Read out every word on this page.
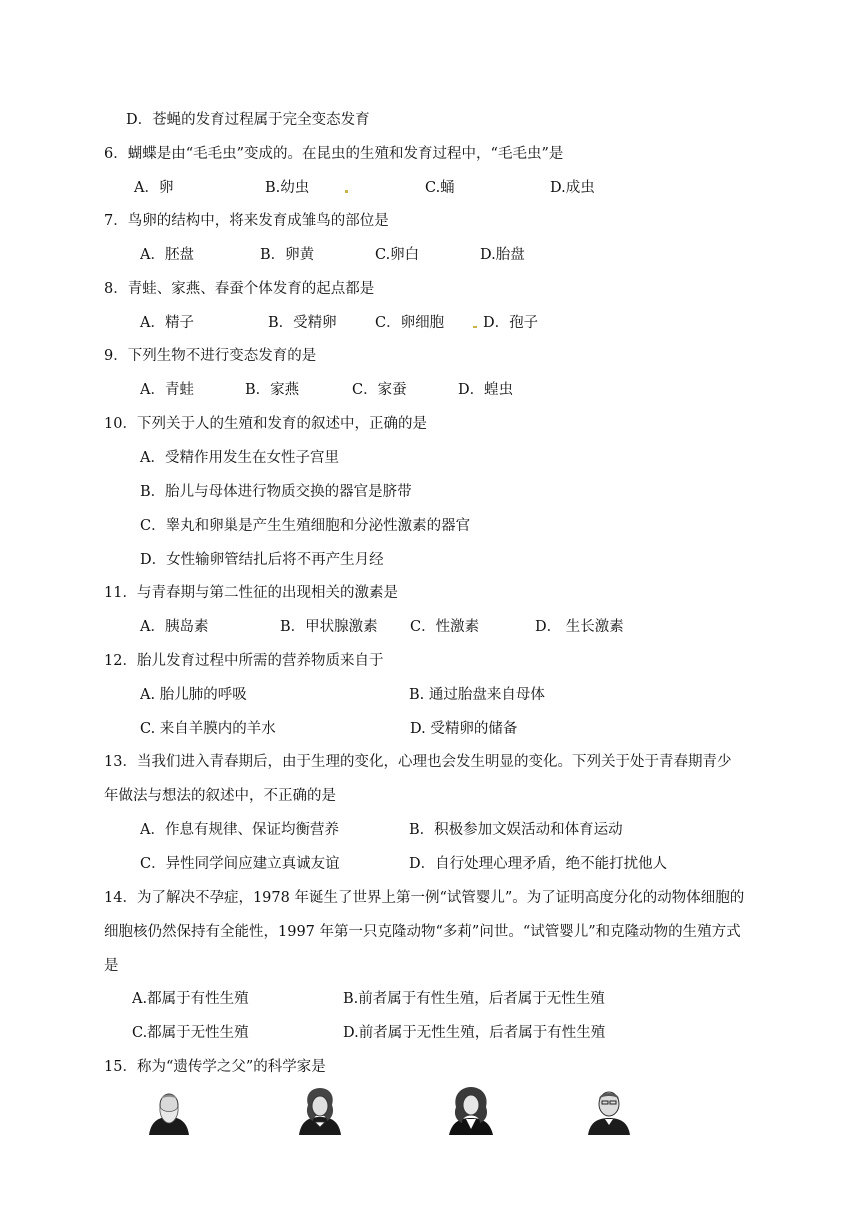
D．苍蝇的发育过程属于完全变态发育
6．蝴蝶是由“毛毛虫”变成的。在昆虫的生殖和发育过程中，“毛毛虫”是
A．卵	B.幼虫	C.蛹	D.成虫
7．鸟卵的结构中，将来发育成雏鸟的部位是
A．胚盘	B．卵黄	C.卵白	D.胎盘
8．青蛙、家燕、春蚕个体发育的起点都是
A．精子	B．受精卵	C．卵细胞	D．孢子
9．下列生物不进行变态发育的是
A．青蛙	B．家燕	C．家蚕	D．蝗虫
10．下列关于人的生殖和发育的叙述中，正确的是
A．受精作用发生在女性子宫里
B．胎儿与母体进行物质交换的器官是脐带
C．睾丸和卵巢是产生生殖细胞和分泌性激素的器官
D．女性输卵管结扎后将不再产生月经
11．与青春期与第二性征的出现相关的激素是
A．胰岛素	B．甲状腺激素 C．性激素	D． 生长激素
12．胎儿发育过程中所需的营养物质来自于
A. 胎儿肺的呼吸	B. 通过胎盘来自母体
C. 来自羊膜内的羊水	D. 受精卵的储备
13．当我们进入青春期后，由于生理的变化，心理也会发生明显的变化。下列关于处于青春期青少
年做法与想法的叙述中，不正确的是
A．作息有规律、保证均衡营养	B．积极参加文娱活动和体育运动
C．异性同学间应建立真诚友谊	D．自行处理心理矛盾，绝不能打扰他人
14．为了解决不孕症，1978 年诞生了世界上第一例“试管婴儿”。为了证明高度分化的动物体细胞的
细胞核仍然保持有全能性，1997 年第一只克隆动物“多莉”问世。“试管婴儿”和克隆动物的生殖方式
是
A.都属于有性生殖	B.前者属于有性生殖，后者属于无性生殖
C.都属于无性生殖	D.前者属于无性生殖，后者属于有性生殖
15．称为“遗传学之父”的科学家是
